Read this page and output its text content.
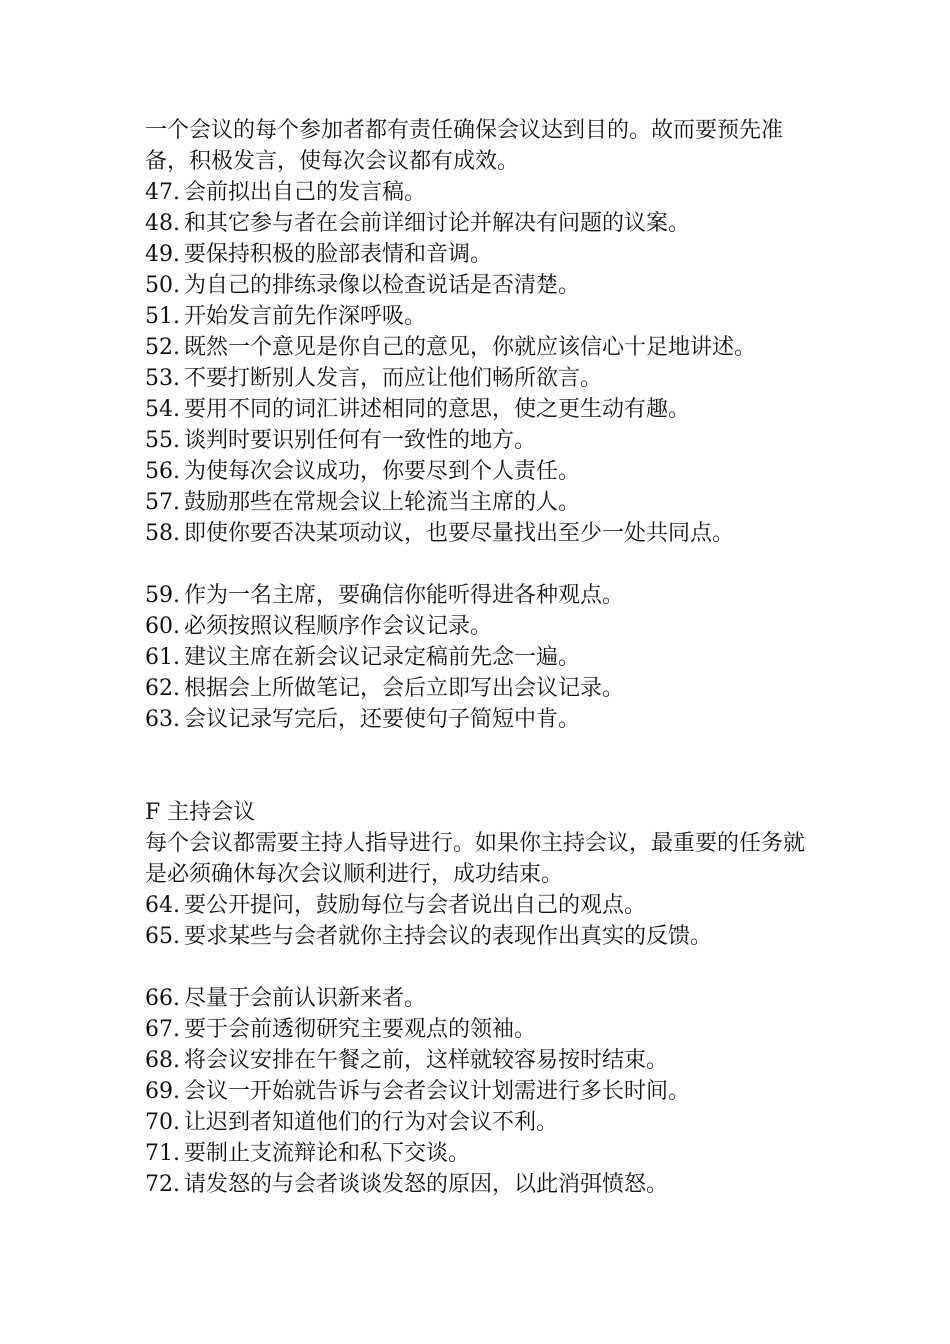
一个会议的每个参加者都有责任确保会议达到目的。故而要预先准备，积极发言，使每次会议都有成效。
47. 会前拟出自己的发言稿。
48. 和其它参与者在会前详细讨论并解决有问题的议案。
49. 要保持积极的脸部表情和音调。
50. 为自己的排练录像以检查说话是否清楚。
51. 开始发言前先作深呼吸。
52. 既然一个意见是你自己的意见，你就应该信心十足地讲述。
53. 不要打断别人发言，而应让他们畅所欲言。
54. 要用不同的词汇讲述相同的意思，使之更生动有趣。
55. 谈判时要识别任何有一致性的地方。
56. 为使每次会议成功，你要尽到个人责任。
57. 鼓励那些在常规会议上轮流当主席的人。
58. 即使你要否决某项动议，也要尽量找出至少一处共同点。
59. 作为一名主席，要确信你能听得进各种观点。
60. 必须按照议程顺序作会议记录。
61. 建议主席在新会议记录定稿前先念一遍。
62. 根据会上所做笔记，会后立即写出会议记录。
63. 会议记录写完后，还要使句子简短中肯。
F 主持会议
每个会议都需要主持人指导进行。如果你主持会议，最重要的任务就是必须确休每次会议顺利进行，成功结束。
64. 要公开提问，鼓励每位与会者说出自己的观点。
65. 要求某些与会者就你主持会议的表现作出真实的反馈。
66. 尽量于会前认识新来者。
67. 要于会前透彻研究主要观点的领袖。
68. 将会议安排在午餐之前，这样就较容易按时结束。
69. 会议一开始就告诉与会者会议计划需进行多长时间。
70. 让迟到者知道他们的行为对会议不利。
71. 要制止支流辩论和私下交谈。
72. 请发怒的与会者谈谈发怒的原因，以此消弭愤怒。
